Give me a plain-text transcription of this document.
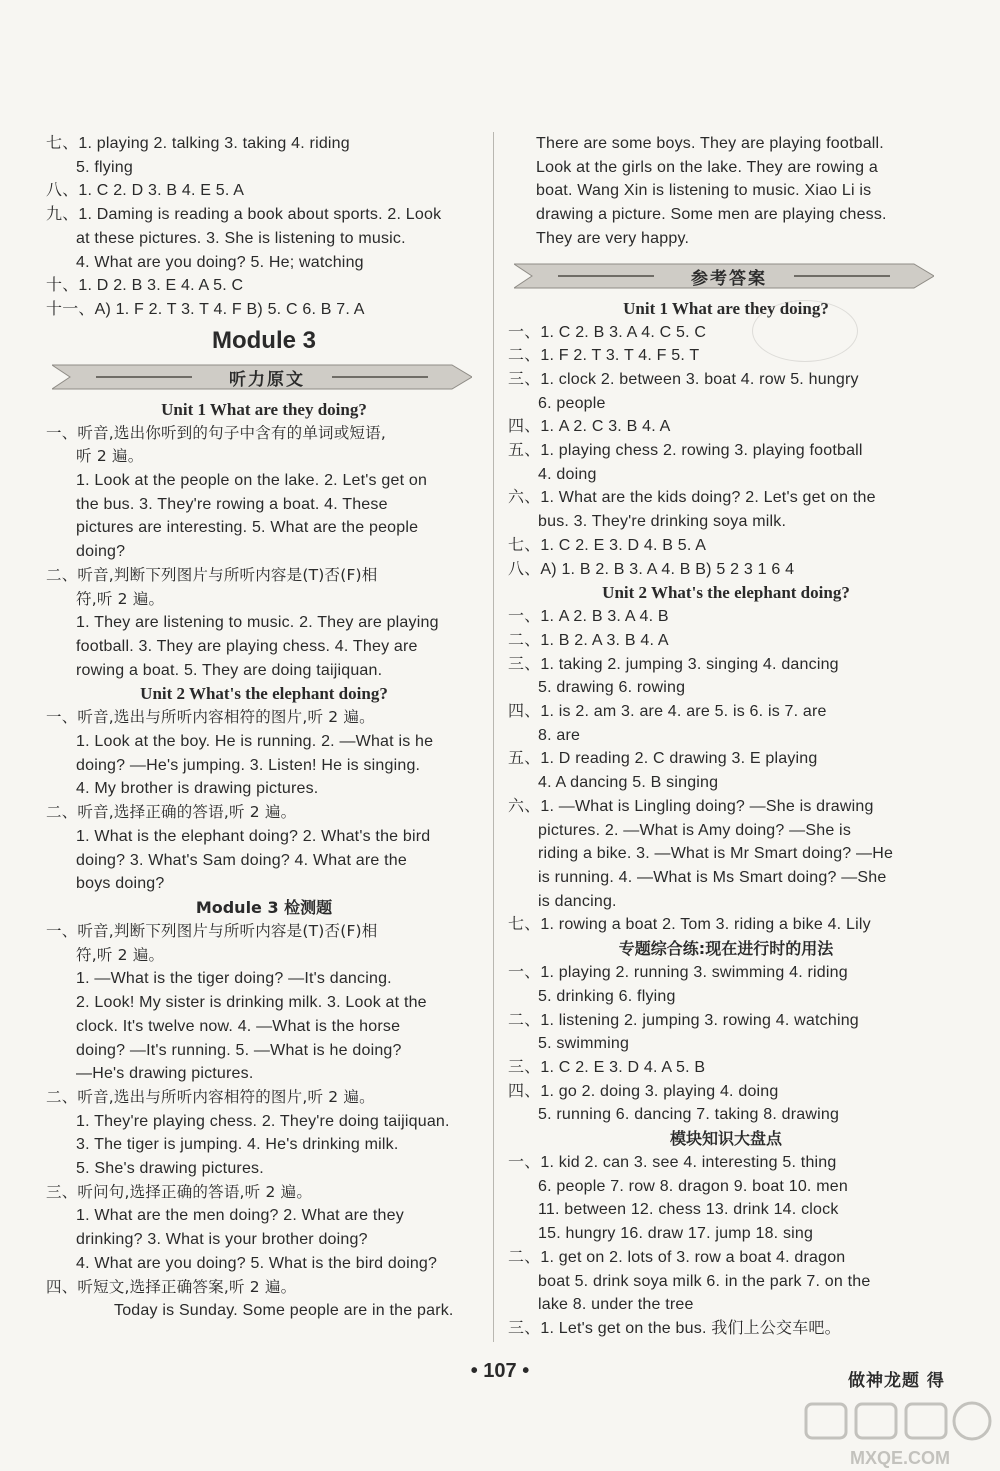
七、1. playing 2. talking 3. taking 4. riding
5. flying
八、1. C 2. D 3. B 4. E 5. A
九、1. Daming is reading a book about sports. 2. Look
at these pictures. 3. She is listening to music.
4. What are you doing? 5. He; watching
十、1. D 2. B 3. E 4. A 5. C
十一、A) 1. F 2. T 3. T 4. F B) 5. C 6. B 7. A
Module 3
听力原文
Unit 1 What are they doing?
一、听音,选出你听到的句子中含有的单词或短语,
听 2 遍。
1. Look at the people on the lake. 2. Let's get on
the bus. 3. They're rowing a boat. 4. These
pictures are interesting. 5. What are the people
doing?
二、听音,判断下列图片与所听内容是(T)否(F)相
符,听 2 遍。
1. They are listening to music. 2. They are playing
football. 3. They are playing chess. 4. They are
rowing a boat. 5. They are doing taijiquan.
Unit 2 What's the elephant doing?
一、听音,选出与所听内容相符的图片,听 2 遍。
1. Look at the boy. He is running. 2. —What is he
doing? —He's jumping. 3. Listen! He is singing.
4. My brother is drawing pictures.
二、听音,选择正确的答语,听 2 遍。
1. What is the elephant doing? 2. What's the bird
doing? 3. What's Sam doing? 4. What are the
boys doing?
Module 3 检测题
一、听音,判断下列图片与所听内容是(T)否(F)相
符,听 2 遍。
1. —What is the tiger doing? —It's dancing.
2. Look! My sister is drinking milk. 3. Look at the
clock. It's twelve now. 4. —What is the horse
doing? —It's running. 5. —What is he doing?
—He's drawing pictures.
二、听音,选出与所听内容相符的图片,听 2 遍。
1. They're playing chess. 2. They're doing taijiquan.
3. The tiger is jumping. 4. He's drinking milk.
5. She's drawing pictures.
三、听问句,选择正确的答语,听 2 遍。
1. What are the men doing? 2. What are they
drinking? 3. What is your brother doing?
4. What are you doing? 5. What is the bird doing?
四、听短文,选择正确答案,听 2 遍。
Today is Sunday. Some people are in the park.
There are some boys. They are playing football.
Look at the girls on the lake. They are rowing a
boat. Wang Xin is listening to music. Xiao Li is
drawing a picture. Some men are playing chess.
They are very happy.
参考答案
Unit 1 What are they doing?
一、1. C 2. B 3. A 4. C 5. C
二、1. F 2. T 3. T 4. F 5. T
三、1. clock 2. between 3. boat 4. row 5. hungry
6. people
四、1. A 2. C 3. B 4. A
五、1. playing chess 2. rowing 3. playing football
4. doing
六、1. What are the kids doing? 2. Let's get on the
bus. 3. They're drinking soya milk.
七、1. C 2. E 3. D 4. B 5. A
八、A) 1. B 2. B 3. A 4. B B) 5 2 3 1 6 4
Unit 2 What's the elephant doing?
一、1. A 2. B 3. A 4. B
二、1. B 2. A 3. B 4. A
三、1. taking 2. jumping 3. singing 4. dancing
5. drawing 6. rowing
四、1. is 2. am 3. are 4. are 5. is 6. is 7. are
8. are
五、1. D reading 2. C drawing 3. E playing
4. A dancing 5. B singing
六、1. —What is Lingling doing? —She is drawing
pictures. 2. —What is Amy doing? —She is
riding a bike. 3. —What is Mr Smart doing? —He
is running. 4. —What is Ms Smart doing? —She
is dancing.
七、1. rowing a boat 2. Tom 3. riding a bike 4. Lily
专题综合练:现在进行时的用法
一、1. playing 2. running 3. swimming 4. riding
5. drinking 6. flying
二、1. listening 2. jumping 3. rowing 4. watching
5. swimming
三、1. C 2. E 3. D 4. A 5. B
四、1. go 2. doing 3. playing 4. doing
5. running 6. dancing 7. taking 8. drawing
模块知识大盘点
一、1. kid 2. can 3. see 4. interesting 5. thing
6. people 7. row 8. dragon 9. boat 10. men
11. between 12. chess 13. drink 14. clock
15. hungry 16. draw 17. jump 18. sing
二、1. get on 2. lots of 3. row a boat 4. dragon
boat 5. drink soya milk 6. in the park 7. on the
lake 8. under the tree
三、1. Let's get on the bus. 我们上公交车吧。
• 107 •	做神龙题 得
MXQE.COM
